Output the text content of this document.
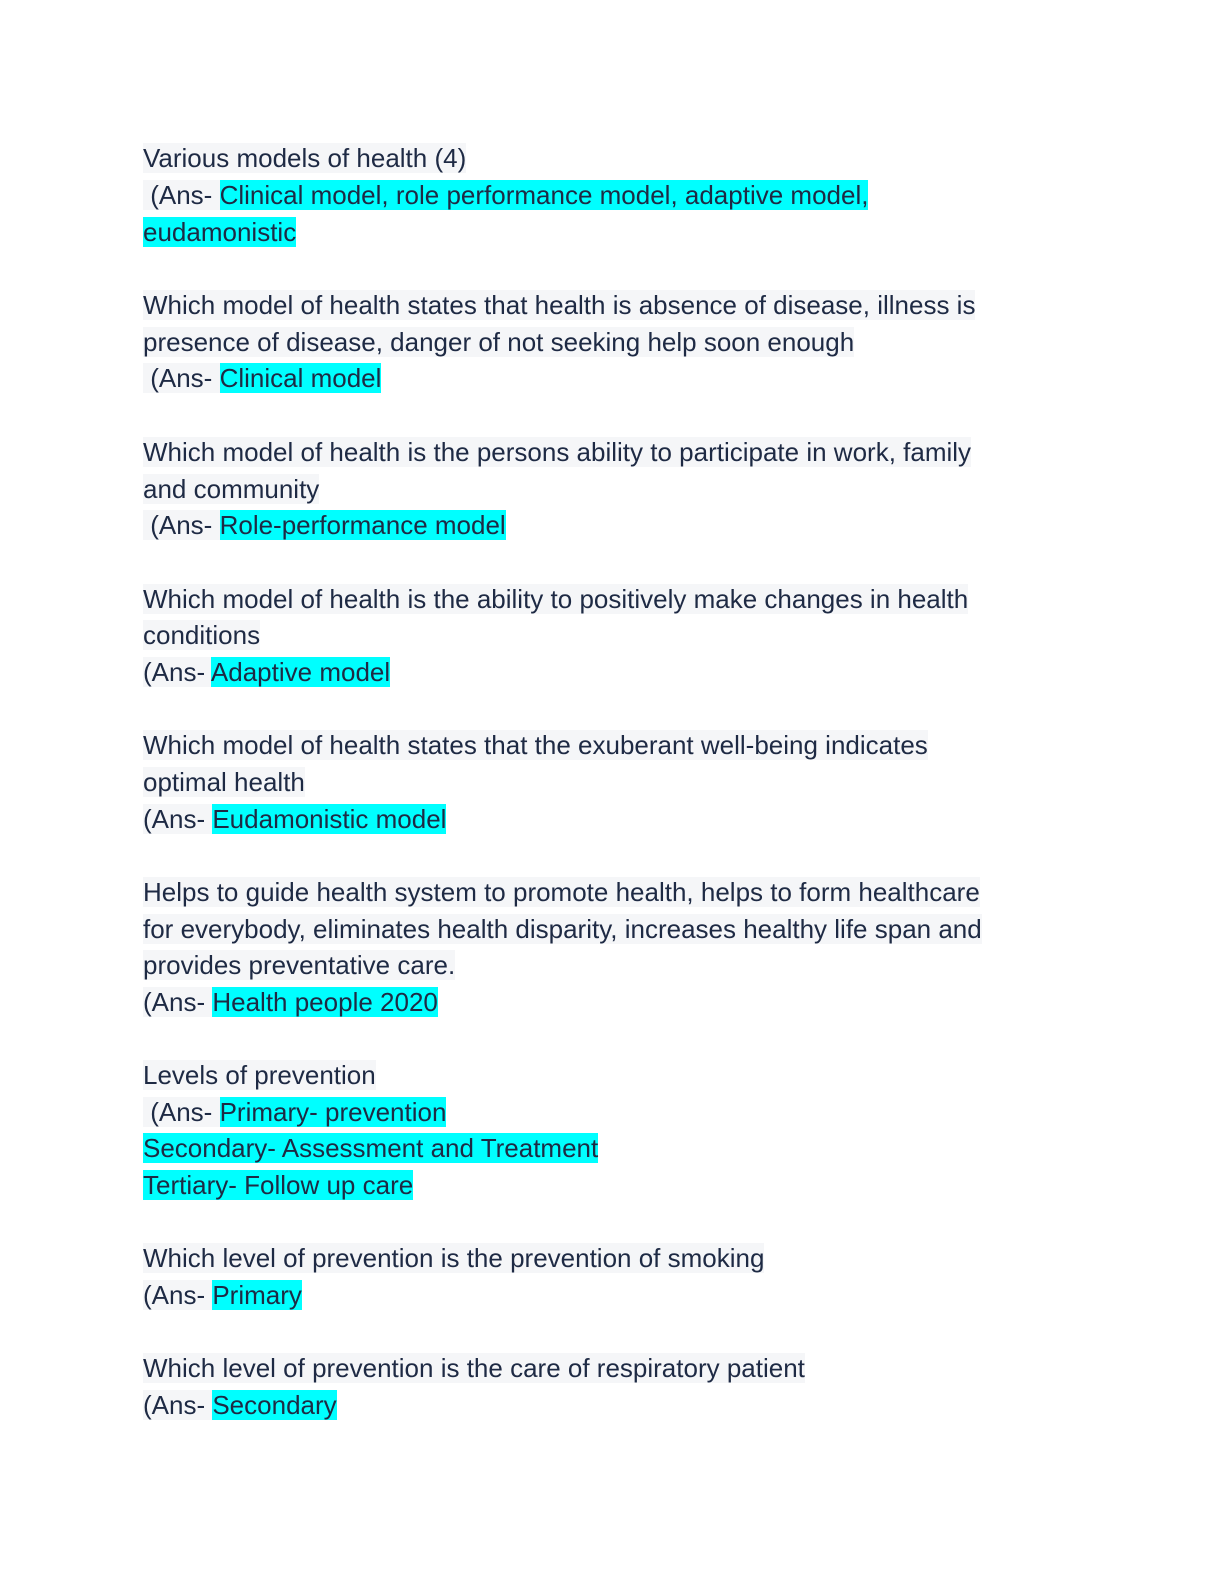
Various models of health (4)
(Ans- Clinical model, role performance model, adaptive model,
eudamonistic
Which model of health states that health is absence of disease, illness is
presence of disease, danger of not seeking help soon enough
(Ans- Clinical model
Which model of health is the persons ability to participate in work, family
and community
(Ans- Role-performance model
Which model of health is the ability to positively make changes in health
conditions
(Ans- Adaptive model
Which model of health states that the exuberant well-being indicates
optimal health
(Ans- Eudamonistic model
Helps to guide health system to promote health, helps to form healthcare
for everybody, eliminates health disparity, increases healthy life span and
provides preventative care.
(Ans- Health people 2020
Levels of prevention
(Ans- Primary- prevention
Secondary- Assessment and Treatment
Tertiary- Follow up care
Which level of prevention is the prevention of smoking
(Ans- Primary
Which level of prevention is the care of respiratory patient
(Ans- Secondary
